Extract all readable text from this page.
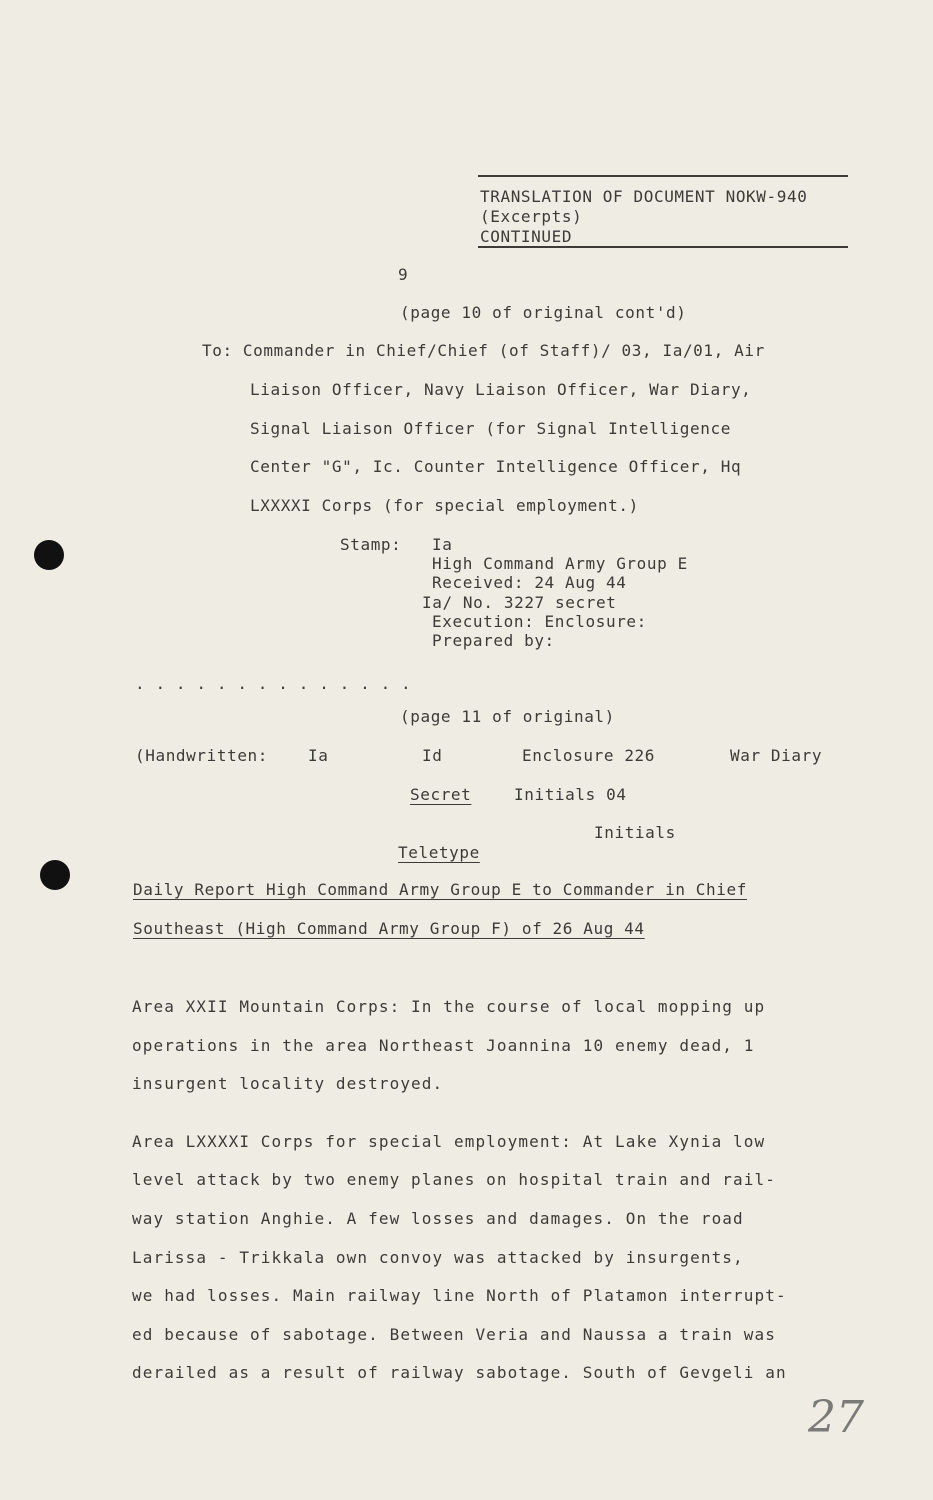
TRANSLATION OF DOCUMENT NOKW-940
(Excerpts)
CONTINUED
9
(page 10 of original cont'd)
To: Commander in Chief/Chief (of Staff)/ 03, Ia/01, Air
Liaison Officer, Navy Liaison Officer, War Diary,
Signal Liaison Officer (for Signal Intelligence
Center "G", Ic. Counter Intelligence Officer, Hq
LXXXXI Corps (for special employment.)
Stamp: Ia
High Command Army Group E
Received: 24 Aug 44
Ia/ No. 3227 secret
Execution: Enclosure:
Prepared by:
. . . . . . . . . . . . . .
(page 11 of original)
(Handwritten: Ia	Id	Enclosure 226	War Diary
Secret	Initials 04
Initials
Teletype
Daily Report High Command Army Group E to Commander in Chief
Southeast (High Command Army Group F) of 26 Aug 44
Area XXII Mountain Corps: In the course of local mopping up
operations in the area Northeast Joannina 10 enemy dead, 1
insurgent locality destroyed.
Area LXXXXI Corps for special employment: At Lake Xynia low
level attack by two enemy planes on hospital train and rail-
way station Anghie. A few losses and damages. On the road
Larissa - Trikkala own convoy was attacked by insurgents,
we had losses. Main railway line North of Platamon interrupt-
ed because of sabotage. Between Veria and Naussa a train was
derailed as a result of railway sabotage. South of Gevgeli an
27
